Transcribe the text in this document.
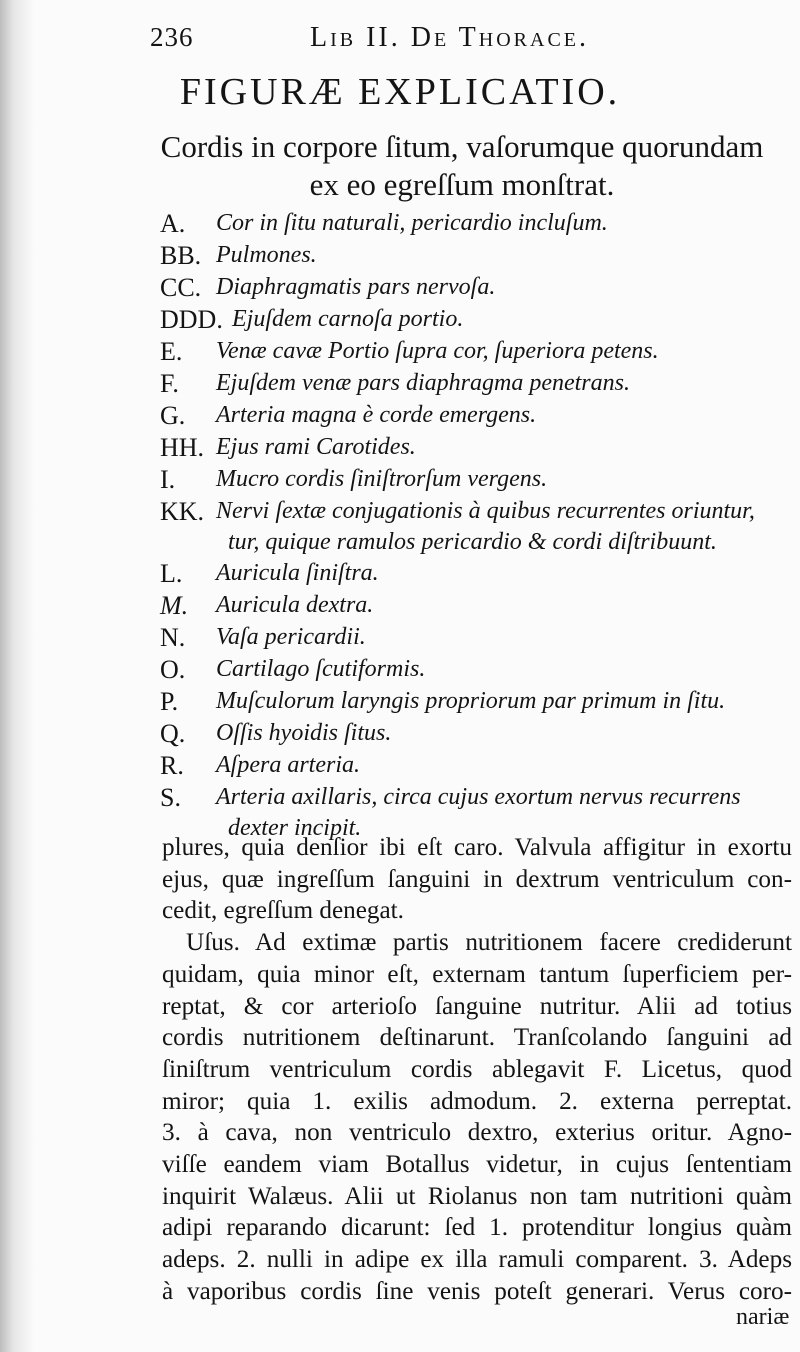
236	Lib II. De Thorace.
FIGURÆ EXPLICATIO.

Cordis in corpore ſitum, vaſorumque quorundam ex eo egreſſum monſtrat.

A.	Cor in ſitu naturali, pericardio incluſum.
BB. Pulmones.
CC. Diaphragmatis pars nervoſa.
DDD. Ejuſdem carnoſa portio.
E.	Venæ cavæ Portio ſupra cor, ſuperiora petens.
F.	Ejuſdem venæ pars diaphragma penetrans.
G.	Arteria magna è corde emergens.
HH. Ejus rami Carotides.
I.	Mucro cordis ſiniſtrorſum vergens.
KK. Nervi ſextæ conjugationis à quibus recurrentes oriuntur,
tur, quique ramulos pericardio & cordi diſtribuunt.
L.	Auricula ſiniſtra.
M.	Auricula dextra.
N.	Vaſa pericardii.
O.	Cartilago ſcutiformis.
P.	Muſculorum laryngis propriorum par primum in ſitu.
Q.	Oſſis hyoidis ſitus.
R.	Aſpera arteria.
S.	Arteria axillaris, circa cujus exortum nervus recurrens
dexter incipit.
plures, quia denſior ibi eſt caro. Valvula affigitur in exortu
ejus, quæ ingreſſum ſanguini in dextrum ventriculum con-
cedit, egreſſum denegat.
Uſus. Ad extimæ partis nutritionem facere crediderunt
quidam, quia minor eſt, externam tantum ſuperficiem per-
reptat, & cor arterioſo ſanguine nutritur. Alii ad totius
cordis nutritionem deſtinarunt. Tranſcolando ſanguini ad
ſiniſtrum ventriculum cordis ablegavit F. Licetus, quod
miror; quia 1. exilis admodum. 2. externa perreptat.
3. à cava, non ventriculo dextro, exterius oritur. Agno-
viſſe eandem viam Botallus videtur, in cujus ſententiam
inquirit Walæus. Alii ut Riolanus non tam nutritioni quàm
adipi reparando dicarunt: ſed 1. protenditur longius quàm
adeps. 2. nulli in adipe ex illa ramuli comparent. 3. Adeps
à vaporibus cordis ſine venis poteſt generari. Verus coro-
nariæ
